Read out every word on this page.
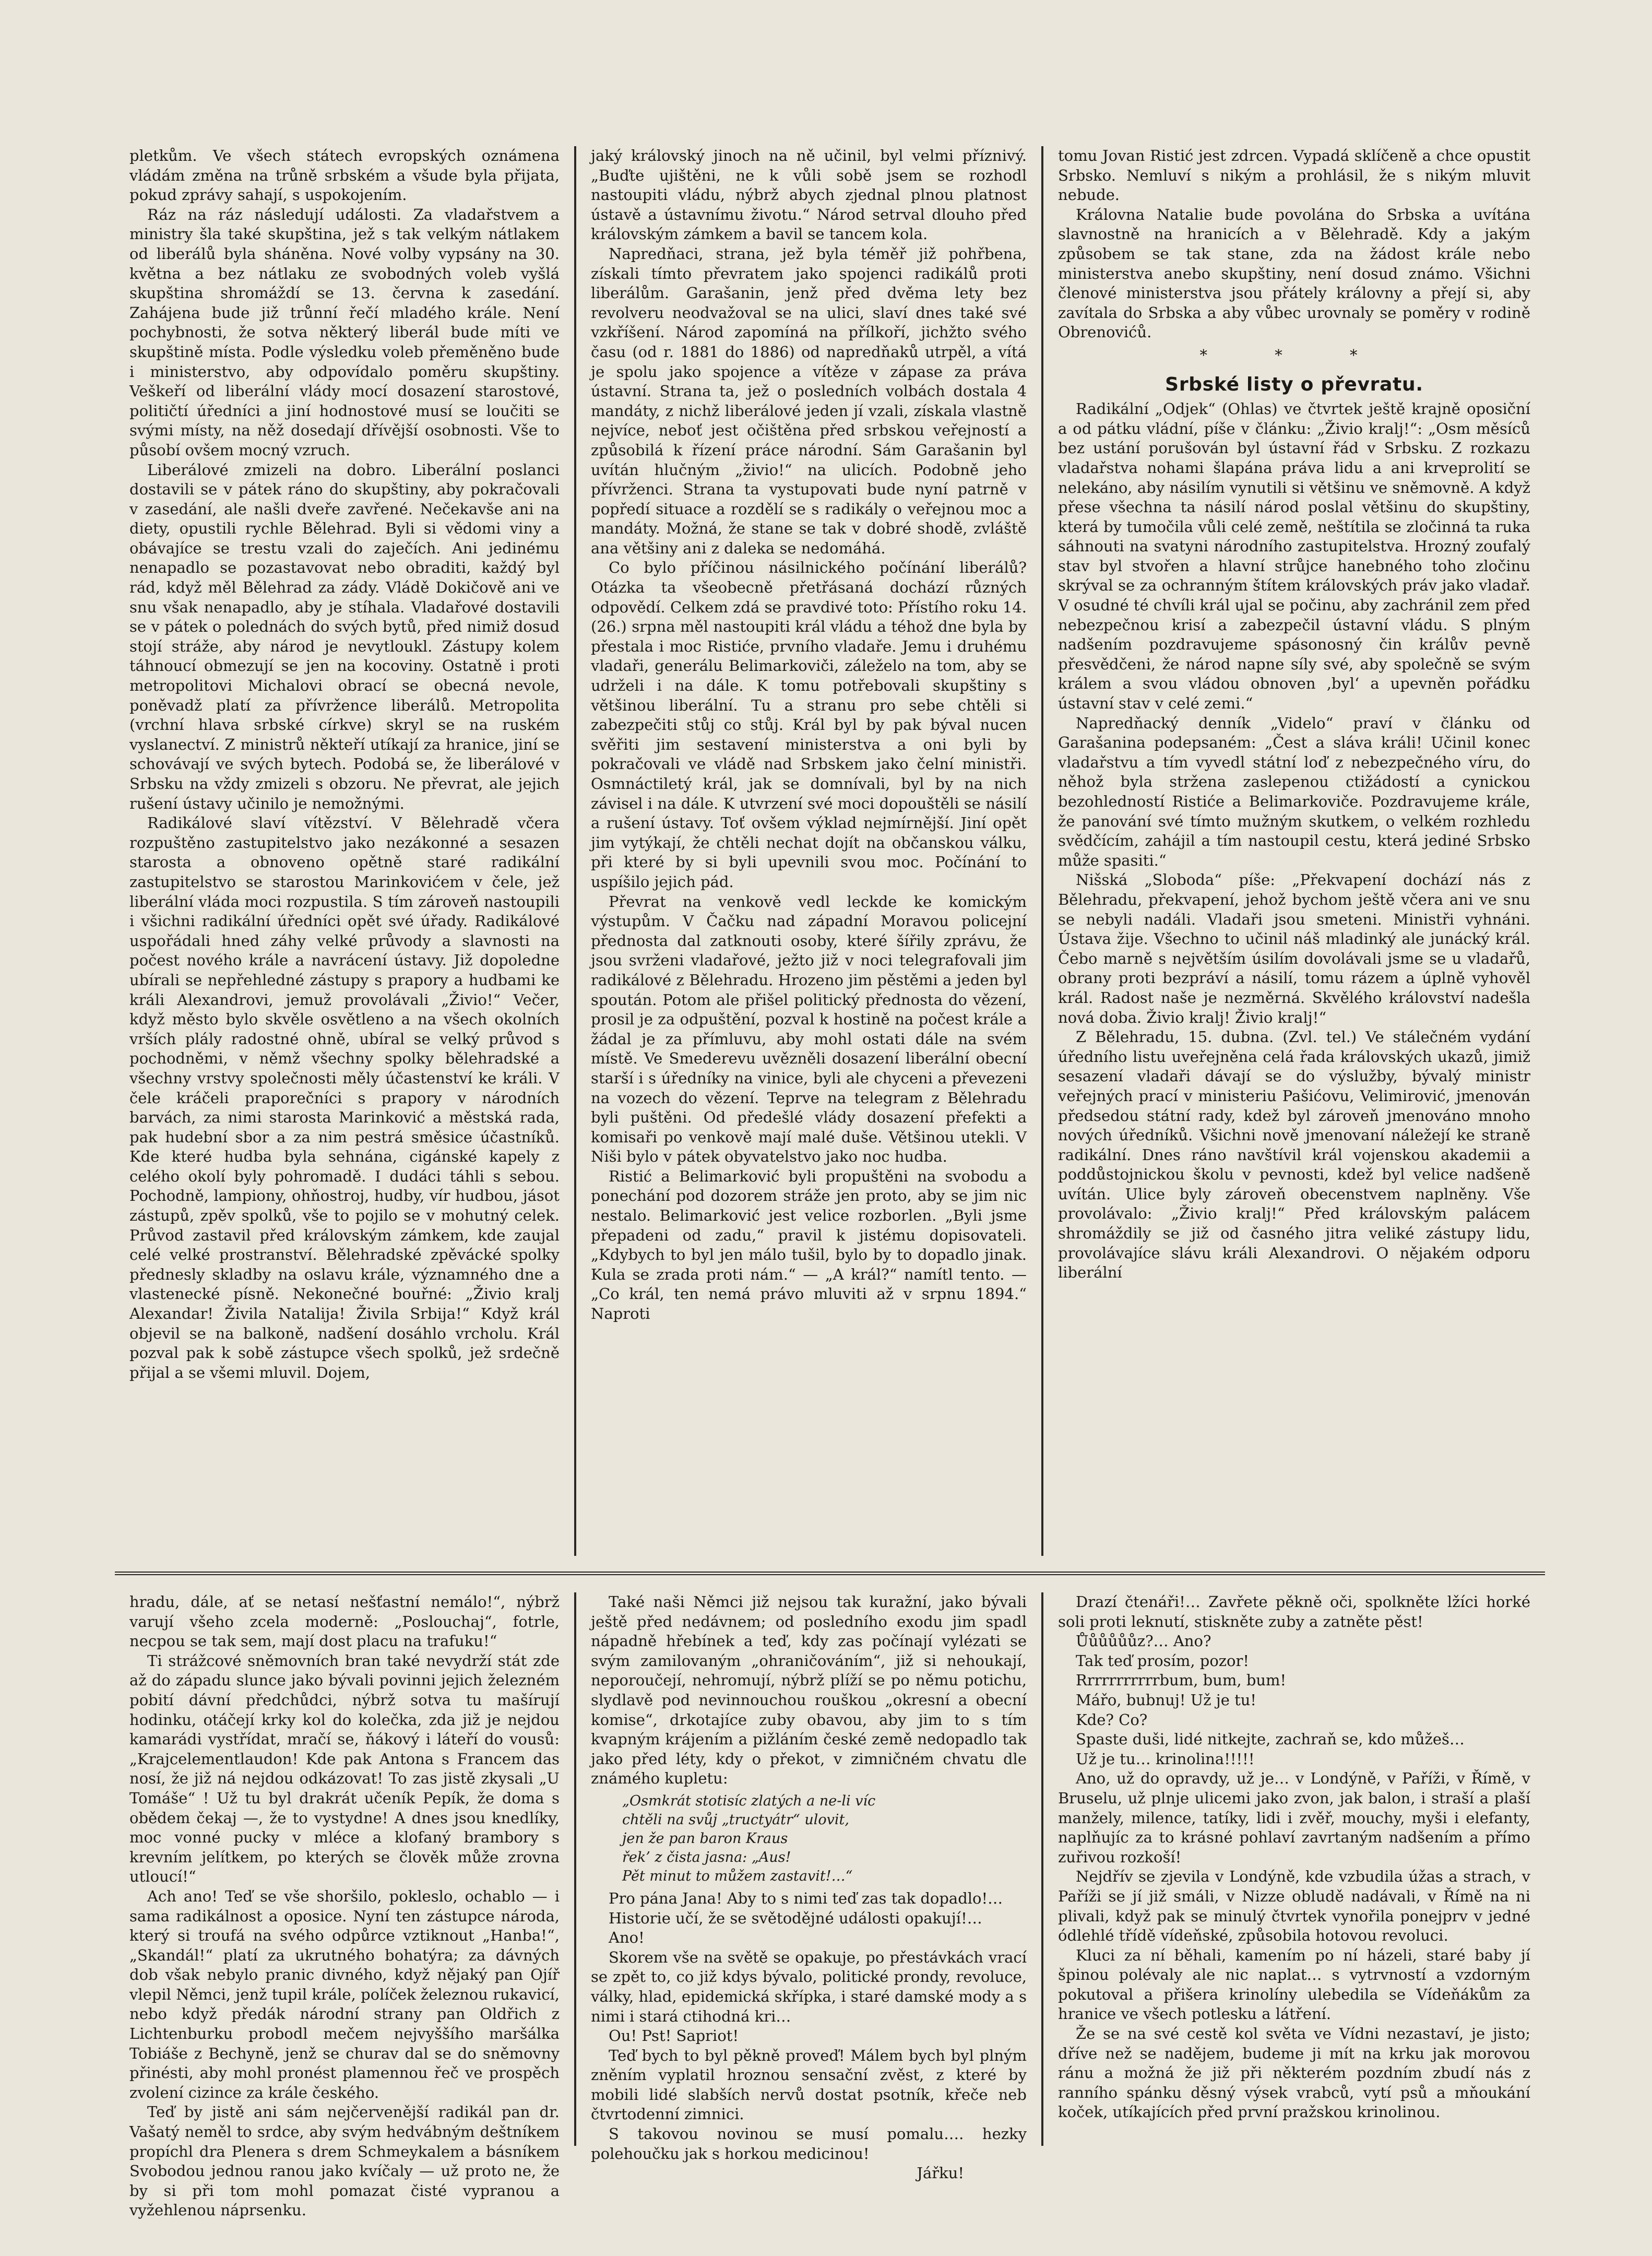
pletkům. Ve všech státech evropských oznámena vládám změna na trůně srbském a všude byla přijata, pokud zprávy sahají, s uspokojením.

Ráz na ráz následují události. Za vladařstvem a ministry šla také skupština, jež s tak velkým nátlakem od liberálů byla sháněna. Nové volby vypsány na 30. května a bez nátlaku ze svobodných voleb vyšlá skupština shromáždí se 13. června k zasedání. Zahájena bude již trůnní řečí mladého krále. Není pochybnosti, že sotva některý liberál bude míti ve skupštině místa. Podle výsledku voleb přeměněno bude i ministerstvo, aby odpovídalo poměru skupštiny. Veškeří od liberální vlády mocí dosazení starostové, političtí úředníci a jiní hodnostové musí se loučiti se svými místy, na něž dosedají dřívější osobnosti. Vše to působí ovšem mocný vzruch.

Liberálové zmizeli na dobro. Liberální poslanci dostavili se v pátek ráno do skupštiny, aby pokračovali v zasedání, ale našli dveře zavřené. Nečekavše ani na diety, opustili rychle Bělehrad. Byli si vědomi viny a obávajíce se trestu vzali do zaječích. Ani jedinému nenapadlo se pozastavovat nebo obraditi, každý byl rád, když měl Bělehrad za zády. Vládě Dokičově ani ve snu však nenapadlo, aby je stíhala. Vladařové dostavili se v pátek o polednách do svých bytů, před nimiž dosud stojí stráže, aby národ je nevytloukl. Zástupy kolem táhnoucí obmezují se jen na kocoviny. Ostatně i proti metropolitovi Michalovi obrací se obecná nevole, poněvadž platí za přívržence liberálů. Metropolita (vrchní hlava srbské církve) skryl se na ruském vyslanectví. Z ministrů někteří utíkají za hranice, jiní se schovávají ve svých bytech. Podobá se, že liberálové v Srbsku na vždy zmizeli s obzoru. Ne převrat, ale jejich rušení ústavy učinilo je nemožnými.

Radikálové slaví vítězství. V Bělehradě včera rozpuštěno zastupitelstvo jako nezákonné a sesazen starosta a obnoveno opětně staré radikální zastupitelstvo se starostou Marinkovićem v čele, jež liberální vláda moci rozpustila. S tím zároveň nastoupili i všichni radikální úředníci opět své úřady. Radikálové uspořádali hned záhy velké průvody a slavnosti na počest nového krále a navrácení ústavy. Již dopoledne ubírali se nepřehledné zástupy s prapory a hudbami ke králi Alexandrovi, jemuž provolávali „Živio!“ Večer, když město bylo skvěle osvětleno a na všech okolních vrších plály radostné ohně, ubíral se velký průvod s pochodněmi, v němž všechny spolky bělehradské a všechny vrstvy společnosti měly účastenství ke králi. V čele kráčeli praporečníci s prapory v národních barvách, za nimi starosta Marinković a městská rada, pak hudební sbor a za nim pestrá směsice účastníků. Kde které hudba byla sehnána, cigánské kapely z celého okolí byly pohromadě. I dudáci táhli s sebou. Pochodně, lampiony, ohňostroj, hudby, vír hudbou, jásot zástupů, zpěv spolků, vše to pojilo se v mohutný celek. Průvod zastavil před královským zámkem, kde zaujal celé velké prostranství. Bělehradské zpěvácké spolky přednesly skladby na oslavu krále, významného dne a vlastenecké písně. Nekonečné bouřné: „Živio kralj Alexandar! Živila Natalija! Živila Srbija!“ Když král objevil se na balkoně, nadšení dosáhlo vrcholu. Král pozval pak k sobě zástupce všech spolků, jež srdečně přijal a se všemi mluvil. Dojem,

jaký královský jinoch na ně učinil, byl velmi příznivý. „Buďte ujištěni, ne k vůli sobě jsem se rozhodl nastoupiti vládu, nýbrž abych zjednal plnou platnost ústavě a ústavnímu životu.“ Národ setrval dlouho před královským zámkem a bavil se tancem kola.

Napredňaci, strana, jež byla téměř již pohřbena, získali tímto převratem jako spojenci radikálů proti liberálům. Garašanin, jenž před dvěma lety bez revolveru neodvažoval se na ulici, slaví dnes také své vzkříšení. Národ zapomíná na přílkoří, jichžto svého času (od r. 1881 do 1886) od napredňaků utrpěl, a vítá je spolu jako spojence a vítěze v zápase za práva ústavní. Strana ta, jež o posledních volbách dostala 4 mandáty, z nichž liberálové jeden jí vzali, získala vlastně nejvíce, neboť jest očištěna před srbskou veřejností a způsobilá k řízení práce národní. Sám Garašanin byl uvítán hlučným „živio!“ na ulicích. Podobně jeho přívrženci. Strana ta vystupovati bude nyní patrně v popředí situace a rozdělí se s radikály o veřejnou moc a mandáty. Možná, že stane se tak v dobré shodě, zvláště ana většiny ani z daleka se nedomáhá.

Co bylo příčinou násilnického počínání liberálů? Otázka ta všeobecně přetřásaná dochází různých odpovědí. Celkem zdá se pravdivé toto: Přístího roku 14. (26.) srpna měl nastoupiti král vládu a téhož dne byla by přestala i moc Ristiće, prvního vladaře. Jemu i druhému vladaři, generálu Belimarkoviči, záleželo na tom, aby se udrželi i na dále. K tomu potřebovali skupštiny s většinou liberální. Tu a stranu pro sebe chtěli si zabezpečiti stůj co stůj. Král byl by pak býval nucen svěřiti jim sestavení ministerstva a oni byli by pokračovali ve vládě nad Srbskem jako čelní ministři. Osmnáctiletý král, jak se domnívali, byl by na nich závisel i na dále. K utvrzení své moci dopouštěli se násilí a rušení ústavy. Toť ovšem výklad nejmírnější. Jiní opět jim vytýkají, že chtěli nechat dojít na občanskou válku, při které by si byli upevnili svou moc. Počínání to uspíšilo jejich pád.

Převrat na venkově vedl leckde ke komickým výstupům. V Čačku nad západní Moravou policejní přednosta dal zatknouti osoby, které šířily zprávu, že jsou svrženi vladařové, ježto již v noci telegrafovali jim radikálové z Bělehradu. Hrozeno jim pěstěmi a jeden byl spoután. Potom ale přišel politický přednosta do vězení, prosil je za odpuštění, pozval k hostině na počest krále a žádal je za přímluvu, aby mohl ostati dále na svém místě. Ve Smederevu uvězněli dosazení liberální obecní starší i s úředníky na vinice, byli ale chyceni a převezeni na vozech do vězení. Teprve na telegram z Bělehradu byli puštěni. Od předešlé vlády dosazení přefekti a komisaři po venkově mají malé duše. Většinou utekli. V Niši bylo v pátek obyvatelstvo jako noc hudba.

Ristić a Belimarković byli propuštěni na svobodu a ponechání pod dozorem stráže jen proto, aby se jim nic nestalo. Belimarković jest velice rozborlen. „Byli jsme přepadeni od zadu,“ pravil k jistému dopisovateli. „Kdybych to byl jen málo tušil, bylo by to dopadlo jinak. Kula se zrada proti nám.“ — „A král?“ namítl tento. — „Co král, ten nemá právo mluviti až v srpnu 1894.“ Naproti

tomu Jovan Ristić jest zdrcen. Vypadá sklíčeně a chce opustit Srbsko. Nemluví s nikým a prohlásil, že s nikým mluvit nebude.

Královna Natalie bude povolána do Srbska a uvítána slavnostně na hranicích a v Bělehradě. Kdy a jakým způsobem se tak stane, zda na žádost krále nebo ministerstva anebo skupštiny, není dosud známo. Všichni členové ministerstva jsou přátely královny a přejí si, aby zavítala do Srbska a aby vůbec urovnaly se poměry v rodině Obrenovićů.

* * *
Srbské listy o převratu.

Radikální „Odjek“ (Ohlas) ve čtvrtek ještě krajně oposiční a od pátku vládní, píše v článku: „Živio kralj!“: „Osm měsíců bez ustání porušován byl ústavní řád v Srbsku. Z rozkazu vladařstva nohami šlapána práva lidu a ani krveprolití se nelekáno, aby násilím vynutili si většinu ve sněmovně. A když přese všechna ta násilí národ poslal většinu do skupštiny, která by tumočila vůli celé země, neštítila se zločinná ta ruka sáhnouti na svatyni národního zastupitelstva. Hrozný zoufalý stav byl stvořen a hlavní strůjce hanebného toho zločinu skrýval se za ochranným štítem královských práv jako vladař. V osudné té chvíli král ujal se počinu, aby zachránil zem před nebezpečnou krisí a zabezpečil ústavní vládu. S plným nadšením pozdravujeme spásonosný čin králův pevně přesvědčeni, že národ napne síly své, aby společně se svým králem a svou vládou obnoven ‚byl‘ a upevněn pořádku ústavní stav v celé zemi.“

Napredňacký denník „Videlo“ praví v článku od Garašanina podepsaném: „Čest a sláva králi! Učinil konec vladařstvu a tím vyvedl státní loď z nebezpečného víru, do něhož byla stržena zaslepenou ctižádostí a cynickou bezohledností Ristiće a Belimarkoviče. Pozdravujeme krále, že panování své tímto mužným skutkem, o velkém rozhledu svědčícím, zahájil a tím nastoupil cestu, která jediné Srbsko může spasiti.“

Nišská „Sloboda“ píše: „Překvapení dochází nás z Bělehradu, překvapení, jehož bychom ještě včera ani ve snu se nebyli nadáli. Vladaři jsou smeteni. Ministři vyhnáni. Ústava žije. Všechno to učinil náš mladinký ale junácký král. Čebo marně s největším úsilím dovolávali jsme se u vladařů, obrany proti bezpráví a násilí, tomu rázem a úplně vyhověl král. Radost naše je nezměrná. Skvělého království nadešla nová doba. Živio kralj! Živio kralj!“

Z Bělehradu, 15. dubna. (Zvl. tel.) Ve stálečném vydání úředního listu uveřejněna celá řada královských ukazů, jimiž sesazení vladaři dávají se do výslužby, bývalý ministr veřejných prací v ministeriu Pašićovu, Velimirović, jmenován předsedou státní rady, kdež byl zároveň jmenováno mnoho nových úředníků. Všichni nově jmenovaní náležejí ke straně radikální. Dnes ráno navštívil král vojenskou akademii a poddůstojnickou školu v pevnosti, kdež byl velice nadšeně uvítán. Ulice byly zároveň obecenstvem naplněny. Vše provolávalo: „Živio kralj!“ Před královským palácem shromáždily se již od časného jitra veliké zástupy lidu, provolávajíce slávu králi Alexandrovi. O nějakém odporu liberální

hradu, dále, ať se netasí nešťastní nemálo!“, nýbrž varují všeho zcela moderně: „Poslouchaj“, fotrle, necpou se tak sem, mají dost placu na trafuku!“

Ti strážcové sněmovních bran také nevydrží stát zde až do západu slunce jako bývali povinni jejich železném pobití dávní předchůdci, nýbrž sotva tu mašírují hodinku, otáčejí krky kol do kolečka, zda již je nejdou kamarádi vystřídat, mračí se, ňákový i láteří do vousů: „Krajcelementlaudon! Kde pak Antona s Francem das nosí, že již ná nejdou odkázovat! To zas jistě zkysali „U Tomáše“ ! Už tu byl drakrát učeník Pepík, že doma s obědem čekaj —, že to vystydne! A dnes jsou knedlíky, moc vonné pucky v mléce a klofaný brambory s krevním jelítkem, po kterých se člověk může zrovna utloucí!“

Ach ano! Teď se vše shoršilo, pokleslo, ochablo — i sama radikálnost a oposice. Nyní ten zástupce národa, který si troufá na svého odpůrce vztiknout „Hanba!“, „Skandál!“ platí za ukrutného bohatýra; za dávných dob však nebylo pranic divného, když nějaký pan Ojíř vlepil Němci, jenž tupil krále, políček železnou rukavicí, nebo když předák národní strany pan Oldřich z Lichtenburku probodl mečem nejvyššího maršálka Tobiáše z Bechyně, jenž se churav dal se do sněmovny přinésti, aby mohl pronést plamennou řeč ve prospěch zvolení cizince za krále českého.

Teď by jistě ani sám nejčervenější radikál pan dr. Vašatý neměl to srdce, aby svým hedvábným deštníkem propíchl dra Plenera s drem Schmeykalem a básníkem Svobodou jednou ranou jako kvíčaly — už proto ne, že by si při tom mohl pomazat čisté vypranou a vyžehlenou náprsenku.

Také naši Němci již nejsou tak kuražní, jako bývali ještě před nedávnem; od posledního exodu jim spadl nápadně hřebínek a teď, kdy zas počínají vylézati se svým zamilovaným „ohraničováním“, již si nehoukají, neporoučejí, nehromují, nýbrž plíží se po němu potichu, slydlavě pod nevinnouchou rouškou „okresní a obecní komise“, drkotajíce zuby obavou, aby jim to s tím kvapným krájením a pižláním české země nedopadlo tak jako před léty, kdy o překot, v zimničném chvatu dle známého kupletu:

„Osmkrát stotisíc zlatých a ne-li víc
chtěli na svůj „tructyátr“ ulovit,
jen že pan baron Kraus
řek’ z čista jasna: „Aus!
Pět minut to můžem zastavit!…“

Pro pána Jana! Aby to s nimi teď zas tak dopadlo!…

Historie učí, že se světodějné události opakují!…

Ano!

Skorem vše na světě se opakuje, po přestávkách vrací se zpět to, co již kdys bývalo, politické prondy, revoluce, války, hlad, epidemická skřípka, i staré damské mody a s nimi i stará ctihodná kri…

Ou! Pst! Sapriot!

Teď bych to byl pěkně proveď! Málem bych byl plným zněním vyplatil hroznou sensační zvěst, z které by mobili lidé slabších nervů dostat psotník, křeče neb čtvrtodenní zimnici.

S takovou novinou se musí pomalu…. hezky polehoučku jak s horkou medicinou!

Jářku!

Drazí čtenáři!… Zavřete pěkně oči, spolkněte lžíci horké soli proti leknutí, stiskněte zuby a zatněte pěst!

Ůůůůůůz?… Ano?

Tak teď prosím, pozor!

Rrrrrrrrrrrbum, bum, bum!

Mářo, bubnuj! Už je tu!

Kde? Co?

Spaste duši, lidé nitkejte, zachraň se, kdo můžeš…

Už je tu… krinolina!!!!!

Ano, už do opravdy, už je… v Londýně, v Paříži, v Římě, v Bruselu, už plnje ulicemi jako zvon, jak balon, i straší a plaší manžely, milence, tatíky, lidi i zvěř, mouchy, myši i elefanty, naplňujíc za to krásné pohlaví zavrtaným nadšením a přímo zuřivou rozkoší!

Nejdřív se zjevila v Londýně, kde vzbudila úžas a strach, v Paříži se jí již smáli, v Nizze obludě nadávali, v Římě na ni plivali, když pak se minulý čtvrtek vynořila ponejprv v jedné ódlehlé třídě vídeňské, způsobila hotovou revoluci.

Kluci za ní běhali, kamením po ní házeli, staré baby jí špinou polévaly ale nic naplat… s vytrvností a vzdorným pokutoval a přišera krinolíny ulebedila se Vídeňákům za hranice ve všech potlesku a látření.

Že se na své cestě kol světa ve Vídni nezastaví, je jisto; dříve než se nadějem, budeme ji mít na krku jak morovou ránu a možná že již při některém pozdním zbudí nás z ranního spánku děsný výsek vrabců, vytí psů a mňoukání koček, utíkajících před první pražskou krinolinou.
